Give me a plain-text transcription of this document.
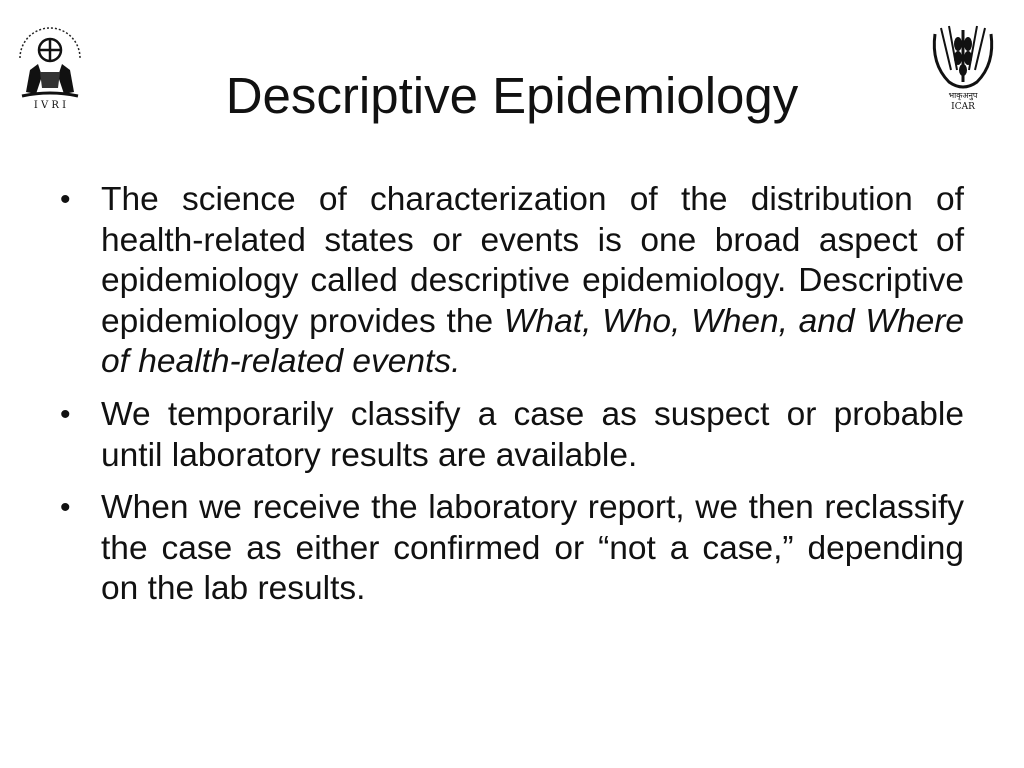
I V R I
भाकृअनुप
ICAR
Descriptive Epidemiology
• The science of characterization of the distribution of health-related states or events is one broad aspect of epidemiology called descriptive epidemiology. Descriptive epidemiology provides the What, Who, When, and Where of health-related events.
• We temporarily classify a case as suspect or probable until laboratory results are available.
• When we receive the laboratory report, we then reclassify the case as either confirmed or “not a case,” depending on the lab results.
